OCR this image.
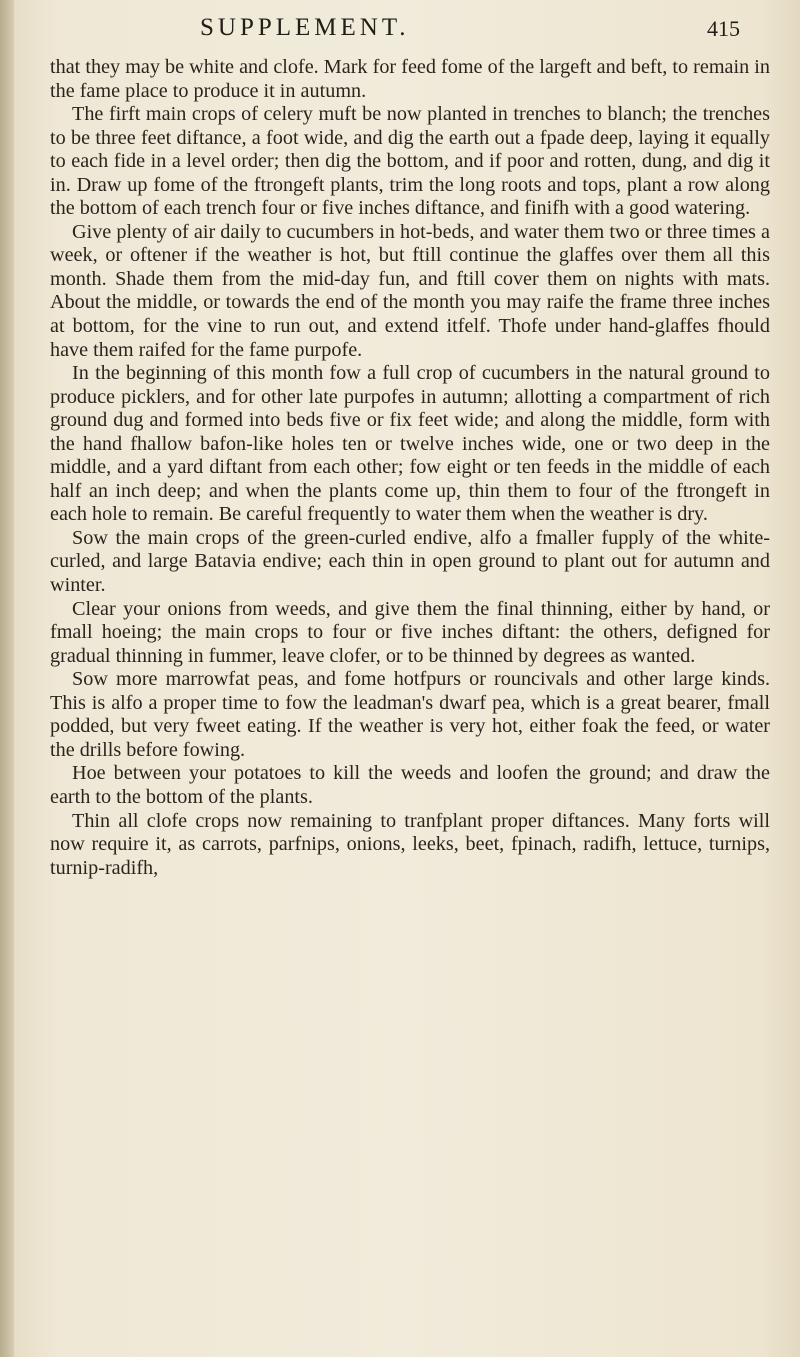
SUPPLEMENT.	415

that they may be white and clofe. Mark for feed fome of the largeft and beft, to remain in the fame place to produce it in autumn.

The firft main crops of celery muft be now planted in trenches to blanch; the trenches to be three feet diftance, a foot wide, and dig the earth out a fpade deep, laying it equally to each fide in a level order; then dig the bottom, and if poor and rotten, dung, and dig it in. Draw up fome of the ftrongeft plants, trim the long roots and tops, plant a row along the bottom of each trench four or five inches diftance, and finifh with a good watering.

Give plenty of air daily to cucumbers in hot-beds, and water them two or three times a week, or oftener if the weather is hot, but ftill continue the glaffes over them all this month. Shade them from the mid-day fun, and ftill cover them on nights with mats. About the middle, or towards the end of the month you may raife the frame three inches at bottom, for the vine to run out, and extend itfelf. Thofe under hand-glaffes fhould have them raifed for the fame purpofe.

In the beginning of this month fow a full crop of cucumbers in the natural ground to produce picklers, and for other late purpofes in autumn; allotting a compartment of rich ground dug and formed into beds five or fix feet wide; and along the middle, form with the hand fhallow bafon-like holes ten or twelve inches wide, one or two deep in the middle, and a yard diftant from each other; fow eight or ten feeds in the middle of each half an inch deep; and when the plants come up, thin them to four of the ftrongeft in each hole to remain. Be careful frequently to water them when the weather is dry.

Sow the main crops of the green-curled endive, alfo a fmaller fupply of the white-curled, and large Batavia endive; each thin in open ground to plant out for autumn and winter.

Clear your onions from weeds, and give them the final thinning, either by hand, or fmall hoeing; the main crops to four or five inches diftant: the others, defigned for gradual thinning in fummer, leave clofer, or to be thinned by degrees as wanted.

Sow more marrowfat peas, and fome hotfpurs or rouncivals and other large kinds. This is alfo a proper time to fow the leadman's dwarf pea, which is a great bearer, fmall podded, but very fweet eating. If the weather is very hot, either foak the feed, or water the drills before fowing.

Hoe between your potatoes to kill the weeds and loofen the ground; and draw the earth to the bottom of the plants.

Thin all clofe crops now remaining to tranfplant proper diftances. Many forts will now require it, as carrots, parfnips, onions, leeks, beet, fpinach, radifh, lettuce, turnips, turnip-radifh,
